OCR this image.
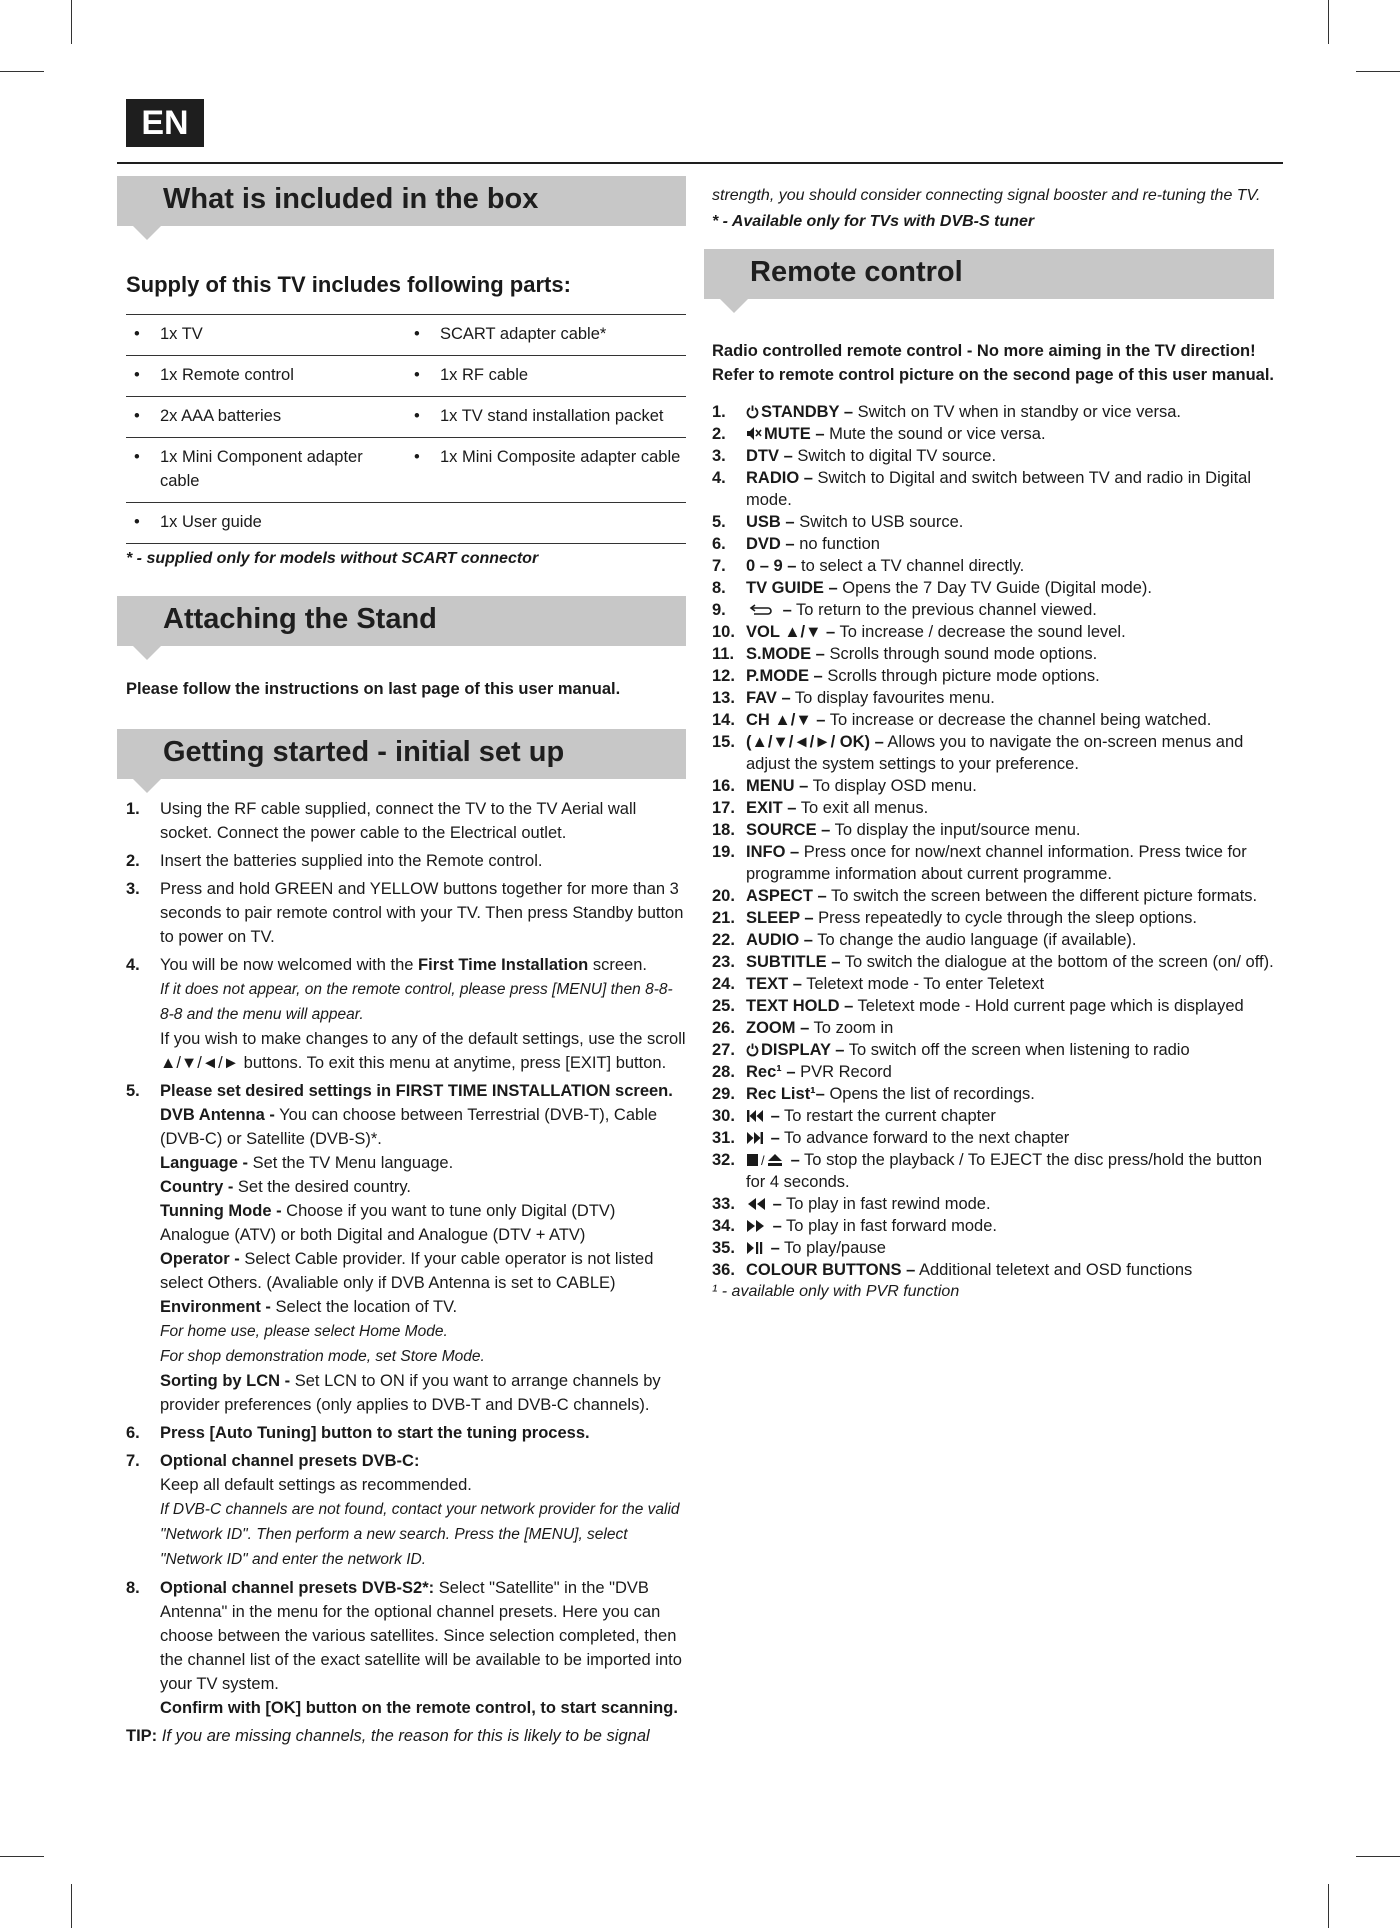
EN
What is included in the box
Supply of this TV includes following parts:
• 1x TV	• SCART adapter cable*

• 1x Remote control	• 1x RF cable

• 2x AAA batteries	• 1x TV stand installation packet

• 1x Mini Component adapter cable	• 1x Mini Composite adapter cable

• 1x User guide	
* - supplied only for models without SCART connector
Attaching the Stand
Please follow the instructions on last page of this user manual.
Getting started - initial set up
1. Using the RF cable supplied, connect the TV to the TV Aerial wall socket. Connect the power cable to the Electrical outlet.
2. Insert the batteries supplied into the Remote control.
3. Press and hold GREEN and YELLOW buttons together for more than 3 seconds to pair remote control with your TV. Then press Standby button to power on TV.
4. You will be now welcomed with the First Time Installation screen.
If it does not appear, on the remote control, please press [MENU] then 8-8-8-8 and the menu will appear.
If you wish to make changes to any of the default settings, use the scroll ▲/▼/◄/► buttons. To exit this menu at anytime, press [EXIT] button.
5. Please set desired settings in FIRST TIME INSTALLATION screen.
DVB Antenna - You can choose between Terrestrial (DVB-T), Cable (DVB-C) or Satellite (DVB-S)*.
Language - Set the TV Menu language.
Country - Set the desired country.
Tunning Mode - Choose if you want to tune only Digital (DTV) Analogue (ATV) or both Digital and Analogue (DTV + ATV)
Operator - Select Cable provider. If your cable operator is not listed select Others. (Avaliable only if DVB Antenna is set to CABLE)
Environment - Select the location of TV.
For home use, please select Home Mode.
For shop demonstration mode, set Store Mode.
Sorting by LCN - Set LCN to ON if you want to arrange channels by provider preferences (only applies to DVB-T and DVB-C channels).
6. Press [Auto Tuning] button to start the tuning process.
7. Optional channel presets DVB-C:
Keep all default settings as recommended.
If DVB-C channels are not found, contact your network provider for the valid "Network ID". Then perform a new search. Press the [MENU], select "Network ID" and enter the network ID.
8. Optional channel presets DVB-S2*: Select "Satellite" in the "DVB Antenna" in the menu for the optional channel presets. Here you can choose between the various satellites. Since selection completed, then the channel list of the exact satellite will be available to be imported into your TV system.
Confirm with [OK] button on the remote control, to start scanning.
TIP: If you are missing channels, the reason for this is likely to be signal
strength, you should consider connecting signal booster and re-tuning the TV.
* - Available only for TVs with DVB-S tuner
Remote control
Radio controlled remote control - No more aiming in the TV direction! Refer to remote control picture on the second page of this user manual.
1. STANDBY – Switch on TV when in standby or vice versa.
2. MUTE – Mute the sound or vice versa.
3. DTV – Switch to digital TV source.
4. RADIO – Switch to Digital and switch between TV and radio in Digital mode.
5. USB – Switch to USB source.
6. DVD – no function
7. 0 – 9 – to select a TV channel directly.
8. TV GUIDE – Opens the 7 Day TV Guide (Digital mode).
9.	– To return to the previous channel viewed.
10. VOL ▲/▼ – To increase / decrease the sound level.
11. S.MODE – Scrolls through sound mode options.
12. P.MODE – Scrolls through picture mode options.
13. FAV – To display favourites menu.
14. CH ▲/▼ – To increase or decrease the channel being watched.
15. (▲/▼/◄/►/ OK) – Allows you to navigate the on-screen menus and adjust the system settings to your preference.
16. MENU – To display OSD menu.
17. EXIT – To exit all menus.
18. SOURCE – To display the input/source menu.
19. INFO – Press once for now/next channel information. Press twice for programme information about current programme.
20. ASPECT – To switch the screen between the different picture formats.
21. SLEEP – Press repeatedly to cycle through the sleep options.
22. AUDIO – To change the audio language (if available).
23. SUBTITLE – To switch the dialogue at the bottom of the screen (on/ off).
24. TEXT – Teletext mode - To enter Teletext
25. TEXT HOLD – Teletext mode - Hold current page which is displayed
26. ZOOM – To zoom in
27. DISPLAY – To switch off the screen when listening to radio
28. Rec¹ – PVR Record
29. Rec List¹– Opens the list of recordings.
30. – To restart the current chapter
31. – To advance forward to the next chapter
32. / – To stop the playback / To EJECT the disc press/hold the button for 4 seconds.
33. – To play in fast rewind mode.
34. – To play in fast forward mode.
35. – To play/pause
36. COLOUR BUTTONS – Additional teletext and OSD functions
¹ - available only with PVR function
